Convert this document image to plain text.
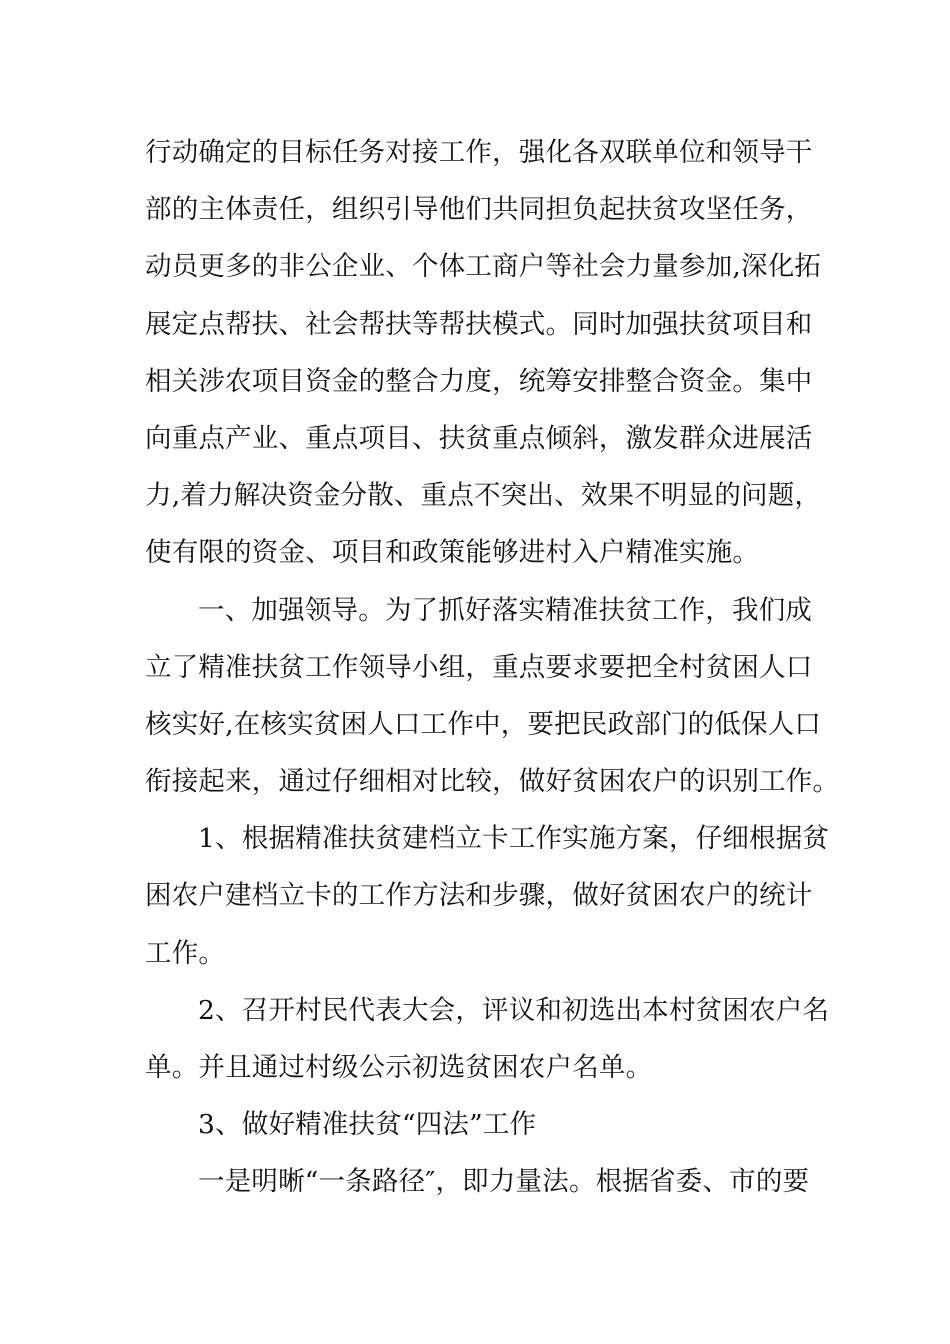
行动确定的目标任务对接工作，强化各双联单位和领导干
部的主体责任，组织引导他们共同担负起扶贫攻坚任务，
动员更多的非公企业、个体工商户等社会力量参加,深化拓
展定点帮扶、社会帮扶等帮扶模式。同时加强扶贫项目和
相关涉农项目资金的整合力度，统筹安排整合资金。集中
向重点产业、重点项目、扶贫重点倾斜，激发群众进展活
力,着力解决资金分散、重点不突出、效果不明显的问题，
使有限的资金、项目和政策能够进村入户精准实施。
一、加强领导。为了抓好落实精准扶贫工作，我们成
立了精准扶贫工作领导小组，重点要求要把全村贫困人口
核实好,在核实贫困人口工作中，要把民政部门的低保人口
衔接起来，通过仔细相对比较，做好贫困农户的识别工作。
1、根据精准扶贫建档立卡工作实施方案，仔细根据贫
困农户建档立卡的工作方法和步骤，做好贫困农户的统计
工作。
2、召开村民代表大会，评议和初选出本村贫困农户名
单。并且通过村级公示初选贫困农户名单。
3、做好精准扶贫“四法”工作
一是明晰“一条路径″，即力量法。根据省委、市的要
